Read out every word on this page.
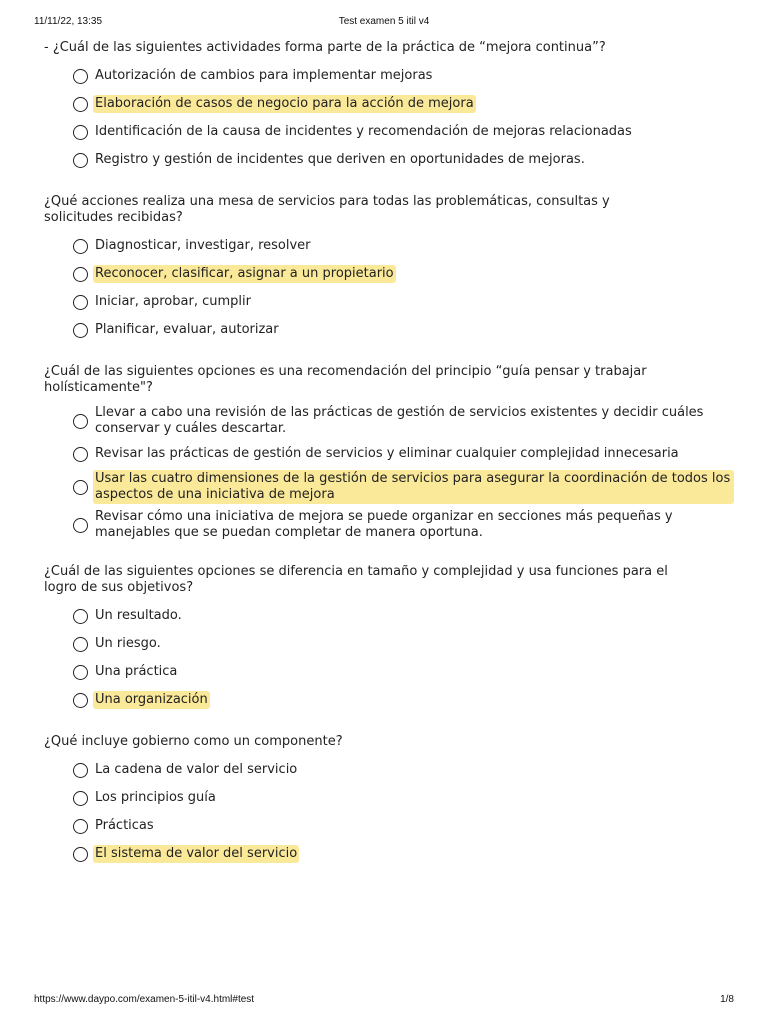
11/11/22, 13:35	Test examen 5 itil v4

- ¿Cuál de las siguientes actividades forma parte de la práctica de “mejora continua”?

Autorización de cambios para implementar mejoras
Elaboración de casos de negocio para la acción de mejora
Identificación de la causa de incidentes y recomendación de mejoras relacionadas
Registro y gestión de incidentes que deriven en oportunidades de mejoras.

¿Qué acciones realiza una mesa de servicios para todas las problemáticas, consultas y solicitudes recibidas?

Diagnosticar, investigar, resolver
Reconocer, clasificar, asignar a un propietario
Iniciar, aprobar, cumplir
Planificar, evaluar, autorizar

¿Cuál de las siguientes opciones es una recomendación del principio “guía pensar y trabajar holísticamente"?

Llevar a cabo una revisión de las prácticas de gestión de servicios existentes y decidir cuáles conservar y cuáles descartar.
Revisar las prácticas de gestión de servicios y eliminar cualquier complejidad innecesaria
Usar las cuatro dimensiones de la gestión de servicios para asegurar la coordinación de todos los aspectos de una iniciativa de mejora
Revisar cómo una iniciativa de mejora se puede organizar en secciones más pequeñas y manejables que se puedan completar de manera oportuna.

¿Cuál de las siguientes opciones se diferencia en tamaño y complejidad y usa funciones para el logro de sus objetivos?

Un resultado.
Un riesgo.
Una práctica
Una organización

¿Qué incluye gobierno como un componente?

La cadena de valor del servicio
Los principios guía
Prácticas
El sistema de valor del servicio
https://www.daypo.com/examen-5-itil-v4.html#test	1/8
